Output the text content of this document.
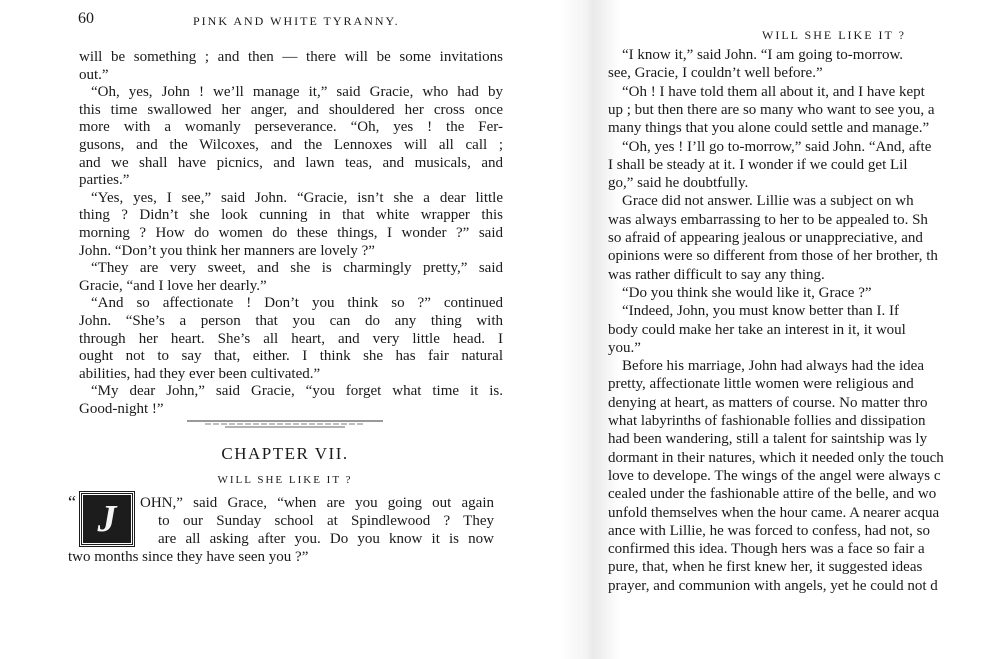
60	PINK AND WHITE TYRANNY.

will be something ; and then — there will be some invitations

out.”

“Oh, yes, John ! we’ll manage it,” said Gracie, who had by

this time swallowed her anger, and shouldered her cross once

more with a womanly perseverance. “Oh, yes ! the Fer-

gusons, and the Wilcoxes, and the Lennoxes will all call ;

and we shall have picnics, and lawn teas, and musicals, and

parties.”

“Yes, yes, I see,” said John. “Gracie, isn’t she a dear little

thing ? Didn’t she look cunning in that white wrapper this

morning ? How do women do these things, I wonder ?” said

John. “Don’t you think her manners are lovely ?”

“They are very sweet, and she is charmingly pretty,” said

Gracie, “and I love her dearly.”

“And so affectionate ! Don’t you think so ?” continued

John. “She’s a person that you can do any thing with

through her heart. She’s all heart, and very little head. I

ought not to say that, either. I think she has fair natural

abilities, had they ever been cultivated.”

“My dear John,” said Gracie, “you forget what time it is.

Good-night !”

CHAPTER VII.
WILL SHE LIKE IT ?
“ J	OHN,” said Grace, “when are you going out again

to our Sunday school at Spindlewood ? They

are all asking after you. Do you know it is now

two months since they have seen you ?”

WILL SHE LIKE IT ?

“I know it,” said John. “I am going to-morrow.

see, Gracie, I couldn’t well before.”

“Oh ! I have told them all about it, and I have kept

up ; but then there are so many who want to see you, a

many things that you alone could settle and manage.”

“Oh, yes ! I’ll go to-morrow,” said John. “And, afte

I shall be steady at it. I wonder if we could get Lil

go,” said he doubtfully.

Grace did not answer. Lillie was a subject on wh

was always embarrassing to her to be appealed to. Sh

so afraid of appearing jealous or unappreciative, and

opinions were so different from those of her brother, th

was rather difficult to say any thing.

“Do you think she would like it, Grace ?”

“Indeed, John, you must know better than I. If

body could make her take an interest in it, it woul

you.”

Before his marriage, John had always had the idea

pretty, affectionate little women were religious and

denying at heart, as matters of course. No matter thro

what labyrinths of fashionable follies and dissipation

had been wandering, still a talent for saintship was ly

dormant in their natures, which it needed only the touch

love to develope. The wings of the angel were always c

cealed under the fashionable attire of the belle, and wo

unfold themselves when the hour came. A nearer acqua

ance with Lillie, he was forced to confess, had not, so

confirmed this idea. Though hers was a face so fair a

pure, that, when he first knew her, it suggested ideas

prayer, and communion with angels, yet he could not d
